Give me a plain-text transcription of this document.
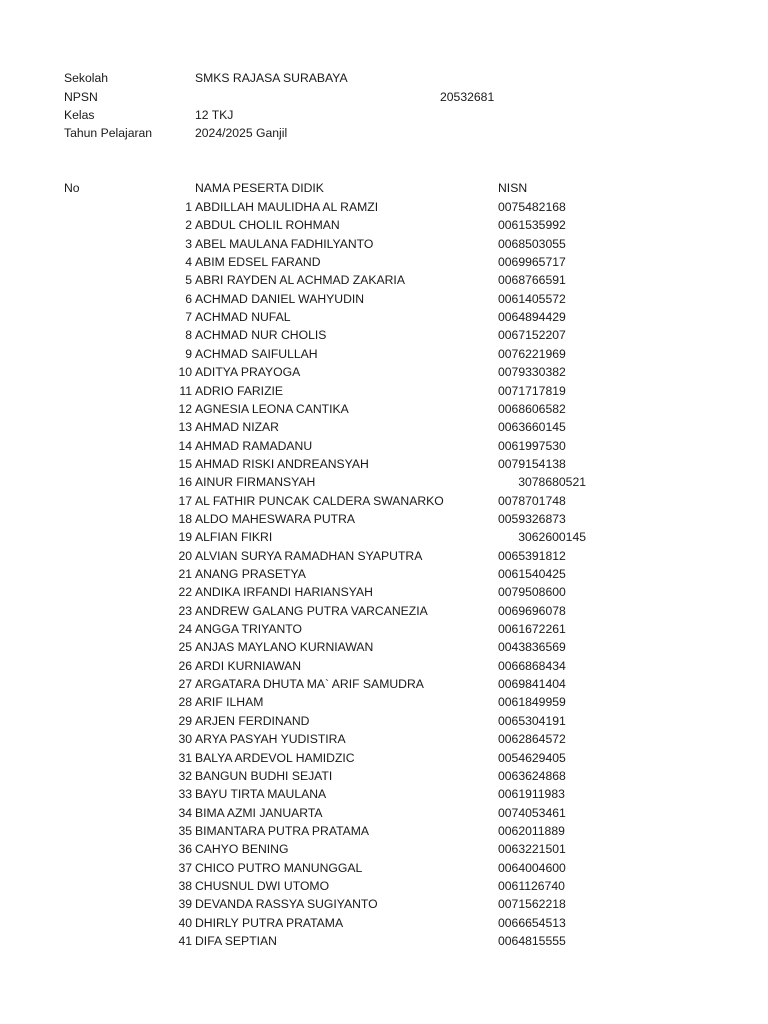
Sekolah	SMKS RAJASA SURABAYA
NPSN	20532681
Kelas	12 TKJ
Tahun Pelajaran	2024/2025 Ganjil
No	NAMA PESERTA DIDIK	NISN
1 ABDILLAH MAULIDHA AL RAMZI	0075482168
2 ABDUL CHOLIL ROHMAN	0061535992
3 ABEL MAULANA FADHILYANTO	0068503055
4 ABIM EDSEL FARAND	0069965717
5 ABRI RAYDEN AL ACHMAD ZAKARIA	0068766591
6 ACHMAD DANIEL WAHYUDIN	0061405572
7 ACHMAD NUFAL	0064894429
8 ACHMAD NUR CHOLIS	0067152207
9 ACHMAD SAIFULLAH	0076221969
10 ADITYA PRAYOGA	0079330382
11 ADRIO FARIZIE	0071717819
12 AGNESIA LEONA CANTIKA	0068606582
13 AHMAD NIZAR	0063660145
14 AHMAD RAMADANU	0061997530
15 AHMAD RISKI ANDREANSYAH	0079154138
16 AINUR FIRMANSYAH	3078680521
17 AL FATHIR PUNCAK CALDERA SWANARKO	0078701748
18 ALDO MAHESWARA PUTRA	0059326873
19 ALFIAN FIKRI	3062600145
20 ALVIAN SURYA RAMADHAN SYAPUTRA	0065391812
21 ANANG PRASETYA	0061540425
22 ANDIKA IRFANDI HARIANSYAH	0079508600
23 ANDREW GALANG PUTRA VARCANEZIA	0069696078
24 ANGGA TRIYANTO	0061672261
25 ANJAS MAYLANO KURNIAWAN	0043836569
26 ARDI KURNIAWAN	0066868434
27 ARGATARA DHUTA MA` ARIF SAMUDRA	0069841404
28 ARIF ILHAM	0061849959
29 ARJEN FERDINAND	0065304191
30 ARYA PASYAH YUDISTIRA	0062864572
31 BALYA ARDEVOL HAMIDZIC	0054629405
32 BANGUN BUDHI SEJATI	0063624868
33 BAYU TIRTA MAULANA	0061911983
34 BIMA AZMI JANUARTA	0074053461
35 BIMANTARA PUTRA PRATAMA	0062011889
36 CAHYO BENING	0063221501
37 CHICO PUTRO MANUNGGAL	0064004600
38 CHUSNUL DWI UTOMO	0061126740
39 DEVANDA RASSYA SUGIYANTO	0071562218
40 DHIRLY PUTRA PRATAMA	0066654513
41 DIFA SEPTIAN	0064815555
